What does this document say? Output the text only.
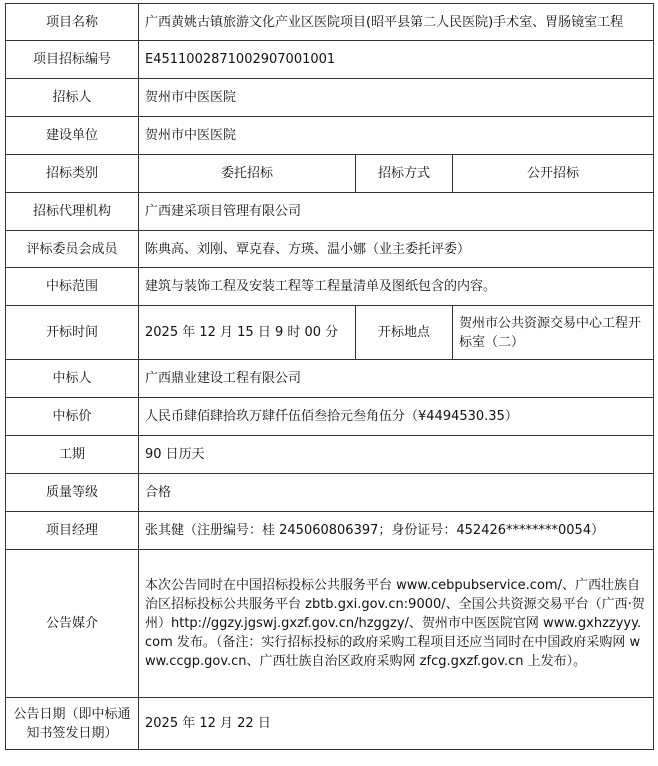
项目名称	广西黄姚古镇旅游文化产业区医院项目(昭平县第二人民医院)手术室、胃肠镜室工程		
项目招标编号	E4511002871002907001001		
招标人	贺州市中医医院		
建设单位	贺州市中医医院		
招标类别	委托招标	招标方式	公开招标
招标代理机构	广西建采项目管理有限公司		
评标委员会成员	陈典高、刘刚、覃克春、方瑛、温小娜（业主委托评委）		
中标范围	建筑与装饰工程及安装工程等工程量清单及图纸包含的内容。		
开标时间	2025 年 12 月 15 日 9 时 00 分	开标地点	贺州市公共资源交易中心工程开标室（二）
中标人	广西鼎业建设工程有限公司		
中标价	人民币肆佰肆拾玖万肆仟伍佰叁拾元叁角伍分（¥4494530.35）		
工期	90 日历天		
质量等级	合格		
项目经理	张其健（注册编号：桂 245060806397；身份证号：452426********0054）		
公告媒介	本次公告同时在中国招标投标公共服务平台 www.cebpubservice.com/、广西壮族自治区招标投标公共服务平台 zbtb.gxi.gov.cn:9000/、全国公共资源交易平台（广西·贺州）http://ggzy.jgswj.gxzf.gov.cn/hzggzy/、贺州市中医医院官网 www.gxhzzyyy.com 发布。（备注：实行招标投标的政府采购工程项目还应当同时在中国政府采购网 www.ccgp.gov.cn、广西壮族自治区政府采购网 zfcg.gxzf.gov.cn 上发布）。		
公告日期（即中标通知书签发日期）	2025 年 12 月 22 日		
